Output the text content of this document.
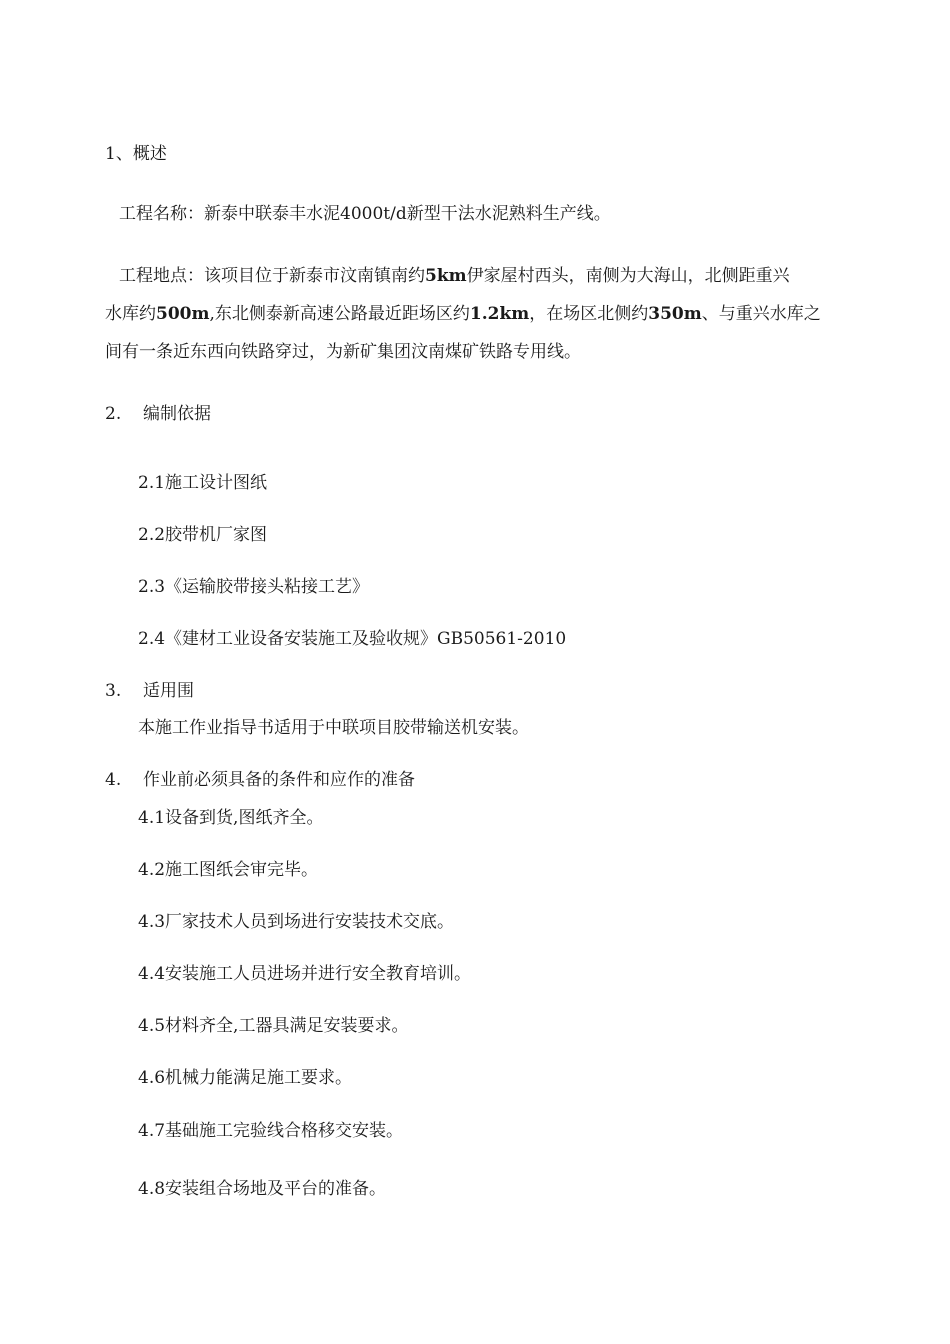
1、概述
工程名称：新泰中联泰丰水泥4000t/d新型干法水泥熟料生产线。
工程地点：该项目位于新泰市汶南镇南约5km伊家屋村西头，南侧为大海山，北侧距重兴
水库约500m,东北侧泰新高速公路最近距场区约1.2km，在场区北侧约350m、与重兴水库之
间有一条近东西向铁路穿过，为新矿集团汶南煤矿铁路专用线。
2. 编制依据
2.1施工设计图纸
2.2胶带机厂家图
2.3《运输胶带接头粘接工艺》
2.4《建材工业设备安装施工及验收规》GB50561-2010
3. 适用围
本施工作业指导书适用于中联项目胶带输送机安装。
4. 作业前必须具备的条件和应作的准备
4.1设备到货,图纸齐全。
4.2施工图纸会审完毕。
4.3厂家技术人员到场进行安装技术交底。
4.4安装施工人员进场并进行安全教育培训。
4.5材料齐全,工器具满足安装要求。
4.6机械力能满足施工要求。
4.7基础施工完验线合格移交安装。
4.8安装组合场地及平台的准备。
